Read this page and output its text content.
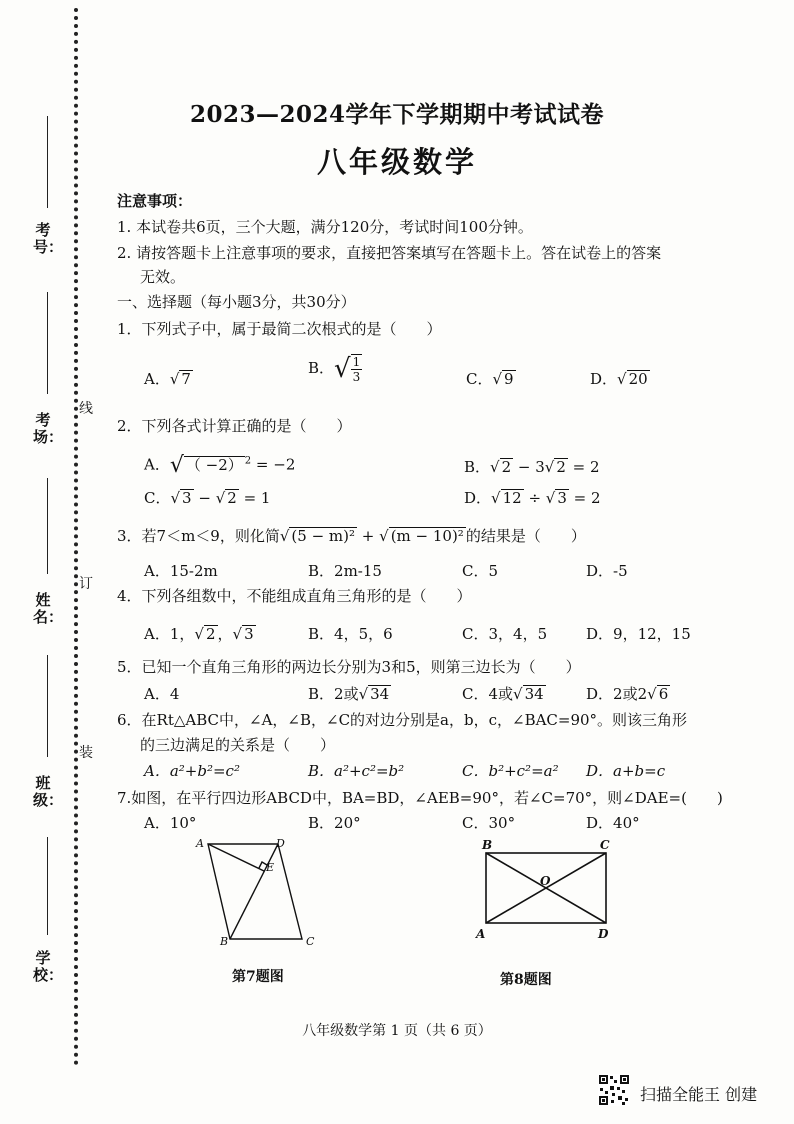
考号：
考场：
姓名：
班级：
学校：
线
订
装
2023—2024学年下学期期中考试试卷
八年级数学
注意事项：
1. 本试卷共6页，三个大题，满分120分，考试时间100分钟。
2. 请按答题卡上注意事项的要求，直接把答案填写在答题卡上。答在试卷上的答案
无效。
一、选择题（每小题3分，共30分）
1．下列式子中，属于最简二次根式的是（　　）
A．√ 7
B．√ $\frac{1}{3}$	C．√ 9	D．√ 20
2．下列各式计算正确的是（　　）
A．√ （ −2） $^2$ = −2	B．√ 2 − 3√ 2 = 2
C．√ 3 − √ 2 = 1	D．√ 12 ÷ √ 3 = 2
3．若7＜m＜9，则化简√ (5 − m)² + √ (m − 10)² 的结果是（　　）
A．15-2m	B．2m-15	C．5	D．-5
4．下列各组数中，不能组成直角三角形的是（　　）
A．1，√ 2 ，√ 3	B．4，5，6	C．3，4，5	D．9，12，15
5．已知一个直角三角形的两边长分别为3和5，则第三边长为（　　）
A．4	B．2或√ 34	C．4或√ 34	D．2或2√ 6
6．在Rt△ABC中，∠A，∠B，∠C的对边分别是a，b，c，∠BAC=90°。则该三角形
的三边满足的关系是（　　）
A．a²+b²=c²	B．a²+c²=b²	C．b²+c²=a² D．a+b=c
7.如图，在平行四边形ABCD中，BA=BD，∠AEB=90°，若∠C=70°，则∠DAE=(　　)
A．10°	B．20°	C．30°	D．40°
A	D
E
B	C
第7题图
B	C
O
A	D
第8题图
八年级数学第 1 页（共 6 页）
扫描全能王 创建
